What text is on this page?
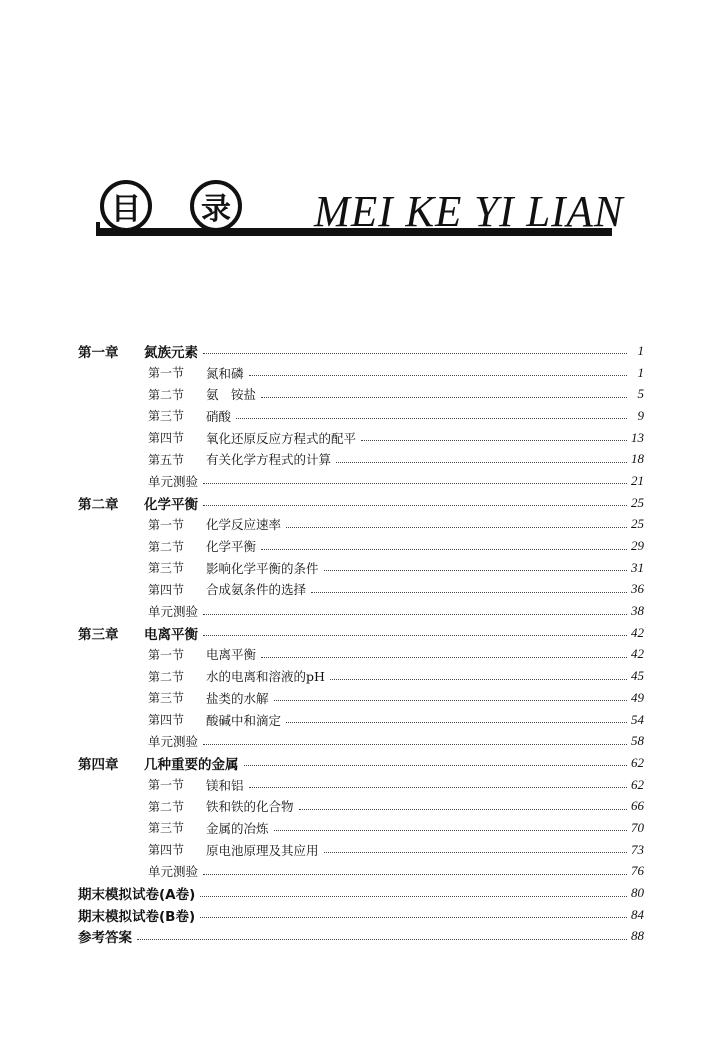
目	录 MEI KE YI LIAN
第一章	氮族元素	1
第一节	氮和磷	1
第二节	氨　铵盐	5
第三节	硝酸	9
第四节	氧化还原反应方程式的配平	13
第五节	有关化学方程式的计算	18
单元测验	21
第二章	化学平衡	25
第一节	化学反应速率	25
第二节	化学平衡	29
第三节	影响化学平衡的条件	31
第四节	合成氨条件的选择	36
单元测验	38
第三章	电离平衡	42
第一节	电离平衡	42
第二节	水的电离和溶液的pH	45
第三节	盐类的水解	49
第四节	酸碱中和滴定	54
单元测验	58
第四章	几种重要的金属	62
第一节	镁和铝	62
第二节	铁和铁的化合物	66
第三节	金属的冶炼	70
第四节	原电池原理及其应用	73
单元测验	76
期末模拟试卷(A卷)	80
期末模拟试卷(B卷)	84
参考答案	88
